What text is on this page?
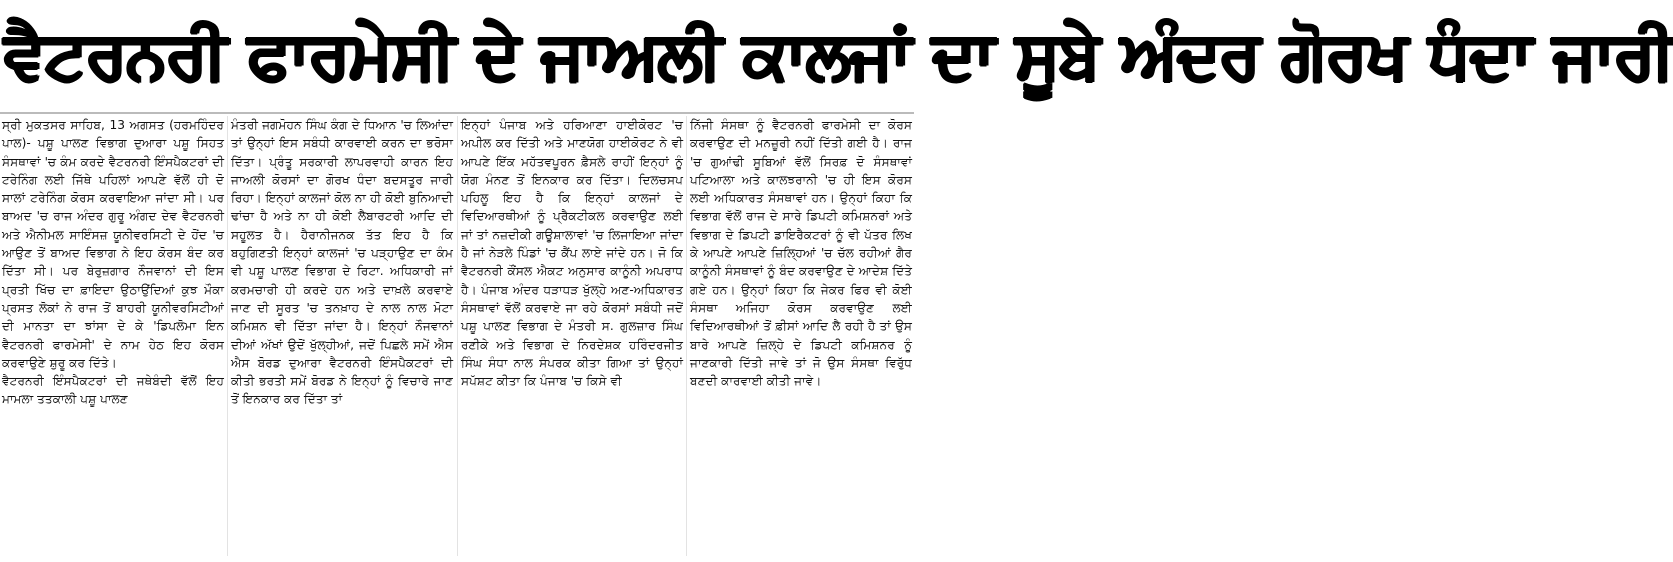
ਵੈਟਰਨਰੀ ਫਾਰਮੇਸੀ ਦੇ ਜਾਅਲੀ ਕਾਲਜਾਂ ਦਾ ਸੂਬੇ ਅੰਦਰ ਗੋਰਖ ਧੰਦਾ ਜਾਰੀ

ਸ੍ਰੀ ਮੁਕਤਸਰ ਸਾਹਿਬ, 13 ਅਗਸਤ (ਹਰਮਹਿੰਦਰ ਪਾਲ)- ਪਸ਼ੂ ਪਾਲਣ ਵਿਭਾਗ ਦੁਆਰਾ ਪਸ਼ੂ ਸਿਹਤ ਸੰਸਥਾਵਾਂ 'ਚ ਕੰਮ ਕਰਦੇ ਵੈਟਰਨਰੀ ਇੰਸਪੈਕਟਰਾਂ ਦੀ ਟਰੇਨਿੰਗ ਲਈ ਜਿੱਥੇ ਪਹਿਲਾਂ ਆਪਣੇ ਵੱਲੋਂ ਹੀ ਦੋ ਸਾਲਾਂ ਟਰੇਨਿੰਗ ਕੋਰਸ ਕਰਵਾਇਆ ਜਾਂਦਾ ਸੀ। ਪਰ ਬਾਅਦ 'ਚ ਰਾਜ ਅੰਦਰ ਗੁਰੂ ਅੰਗਦ ਦੇਵ ਵੈਟਰਨਰੀ ਅਤੇ ਐਨੀਮਲ ਸਾਇੰਸਜ਼ ਯੂਨੀਵਰਸਿਟੀ ਦੇ ਹੋਂਦ 'ਚ ਆਉਣ ਤੋਂ ਬਾਅਦ ਵਿਭਾਗ ਨੇ ਇਹ ਕੋਰਸ ਬੰਦ ਕਰ ਦਿੱਤਾ ਸੀ। ਪਰ ਬੇਰੁਜ਼ਗਾਰ ਨੌਜਵਾਨਾਂ ਦੀ ਇਸ ਪ੍ਰਤੀ ਖਿੱਚ ਦਾ ਫ਼ਾਇਦਾ ਉਠਾਉਂਦਿਆਂ ਕੁਝ ਮੌਕਾ ਪ੍ਰਸਤ ਲੋਕਾਂ ਨੇ ਰਾਜ ਤੋਂ ਬਾਹਰੀ ਯੂਨੀਵਰਸਿਟੀਆਂ ਦੀ ਮਾਨਤਾ ਦਾ ਝਾਂਸਾ ਦੇ ਕੇ 'ਡਿਪਲੋਮਾ ਇਨ ਵੈਟਰਨਰੀ ਫਾਰਮੇਸੀ' ਦੇ ਨਾਮ ਹੇਠ ਇਹ ਕੋਰਸ ਕਰਵਾਉਣੇ ਸ਼ੁਰੂ ਕਰ ਦਿੱਤੇ।

ਵੈਟਰਨਰੀ ਇੰਸਪੈਕਟਰਾਂ ਦੀ ਜਥੇਬੰਦੀ ਵੱਲੋਂ ਇਹ ਮਾਮਲਾ ਤਤਕਾਲੀ ਪਸ਼ੂ ਪਾਲਣ

ਮੰਤਰੀ ਜਗਮੋਹਨ ਸਿੰਘ ਕੰਗ ਦੇ ਧਿਆਨ 'ਚ ਲਿਆਂਦਾ ਤਾਂ ਉਨ੍ਹਾਂ ਇਸ ਸਬੰਧੀ ਕਾਰਵਾਈ ਕਰਨ ਦਾ ਭਰੋਸਾ ਦਿੱਤਾ। ਪ੍ਰੰਤੂ ਸਰਕਾਰੀ ਲਾਪਰਵਾਹੀ ਕਾਰਨ ਇਹ ਜਾਅਲੀ ਕੋਰਸਾਂ ਦਾ ਗੋਰਖ ਧੰਦਾ ਬਦਸਤੂਰ ਜਾਰੀ ਰਿਹਾ। ਇਨ੍ਹਾਂ ਕਾਲਜਾਂ ਕੋਲ ਨਾ ਹੀ ਕੋਈ ਬੁਨਿਆਦੀ ਢਾਂਚਾ ਹੈ ਅਤੇ ਨਾ ਹੀ ਕੋਈ ਲੈਬਾਰਟਰੀ ਆਦਿ ਦੀ ਸਹੂਲਤ ਹੈ। ਹੈਰਾਨੀਜਨਕ ਤੱਤ ਇਹ ਹੈ ਕਿ ਬਹੁਗਿਣਤੀ ਇਨ੍ਹਾਂ ਕਾਲਜਾਂ 'ਚ ਪੜ੍ਹਾਉਣ ਦਾ ਕੰਮ ਵੀ ਪਸ਼ੂ ਪਾਲਣ ਵਿਭਾਗ ਦੇ ਰਿਟਾ. ਅਧਿਕਾਰੀ ਜਾਂ ਕਰਮਚਾਰੀ ਹੀ ਕਰਦੇ ਹਨ ਅਤੇ ਦਾਖ਼ਲੇ ਕਰਵਾਏ ਜਾਣ ਦੀ ਸੂਰਤ 'ਚ ਤਨਖ਼ਾਹ ਦੇ ਨਾਲ ਨਾਲ ਮੋਟਾ ਕਮਿਸ਼ਨ ਵੀ ਦਿੱਤਾ ਜਾਂਦਾ ਹੈ। ਇਨ੍ਹਾਂ ਨੌਜਵਾਨਾਂ ਦੀਆਂ ਅੱਖਾਂ ਉਦੋਂ ਖੁੱਲ੍ਹੀਆਂ, ਜਦੋਂ ਪਿਛਲੇ ਸਮੇਂ ਐਸ ਐਸ ਬੋਰਡ ਦੁਆਰਾ ਵੈਟਰਨਰੀ ਇੰਸਪੈਕਟਰਾਂ ਦੀ ਕੀਤੀ ਭਰਤੀ ਸਮੇਂ ਬੋਰਡ ਨੇ ਇਨ੍ਹਾਂ ਨੂੰ ਵਿਚਾਰੇ ਜਾਣ ਤੋਂ ਇਨਕਾਰ ਕਰ ਦਿੱਤਾ ਤਾਂ

ਇਨ੍ਹਾਂ ਪੰਜਾਬ ਅਤੇ ਹਰਿਆਣਾ ਹਾਈਕੋਰਟ 'ਚ ਅਪੀਲ ਕਰ ਦਿੱਤੀ ਅਤੇ ਮਾਣਯੋਗ ਹਾਈਕੋਰਟ ਨੇ ਵੀ ਆਪਣੇ ਇੱਕ ਮਹੱਤਵਪੂਰਨ ਫ਼ੈਸਲੇ ਰਾਹੀਂ ਇਨ੍ਹਾਂ ਨੂੰ ਯੋਗ ਮੰਨਣ ਤੋਂ ਇਨਕਾਰ ਕਰ ਦਿੱਤਾ। ਦਿਲਚਸਪ ਪਹਿਲੂ ਇਹ ਹੈ ਕਿ ਇਨ੍ਹਾਂ ਕਾਲਜਾਂ ਦੇ ਵਿਦਿਆਰਥੀਆਂ ਨੂੰ ਪ੍ਰੈਕਟੀਕਲ ਕਰਵਾਉਣ ਲਈ ਜਾਂ ਤਾਂ ਨਜ਼ਦੀਕੀ ਗਊਸ਼ਾਲਾਵਾਂ 'ਚ ਲਿਜਾਇਆ ਜਾਂਦਾ ਹੈ ਜਾਂ ਨੇੜਲੇ ਪਿੰਡਾਂ 'ਚ ਕੈਂਪ ਲਾਏ ਜਾਂਦੇ ਹਨ। ਜੋ ਕਿ ਵੈਟਰਨਰੀ ਕੌਂਸਲ ਐਕਟ ਅਨੁਸਾਰ ਕਾਨੂੰਨੀ ਅਪਰਾਧ ਹੈ। ਪੰਜਾਬ ਅੰਦਰ ਧੜਾਧੜ ਖੁੱਲ੍ਹੇ ਅਣ-ਅਧਿਕਾਰਤ ਸੰਸਥਾਵਾਂ ਵੱਲੋਂ ਕਰਵਾਏ ਜਾ ਰਹੇ ਕੋਰਸਾਂ ਸਬੰਧੀ ਜਦੋਂ ਪਸ਼ੂ ਪਾਲਣ ਵਿਭਾਗ ਦੇ ਮੰਤਰੀ ਸ. ਗੁਲਜ਼ਾਰ ਸਿੰਘ ਰਣੀਕੇ ਅਤੇ ਵਿਭਾਗ ਦੇ ਨਿਰਦੇਸ਼ਕ ਹਰਿੰਦਰਜੀਤ ਸਿੰਘ ਸੰਧਾ ਨਾਲ ਸੰਪਰਕ ਕੀਤਾ ਗਿਆ ਤਾਂ ਉਨ੍ਹਾਂ ਸਪੱਸ਼ਟ ਕੀਤਾ ਕਿ ਪੰਜਾਬ 'ਚ ਕਿਸੇ ਵੀ

ਨਿੱਜੀ ਸੰਸਥਾ ਨੂੰ ਵੈਟਰਨਰੀ ਫਾਰਮੇਸੀ ਦਾ ਕੋਰਸ ਕਰਵਾਉਣ ਦੀ ਮਨਜ਼ੂਰੀ ਨਹੀਂ ਦਿੱਤੀ ਗਈ ਹੈ। ਰਾਜ 'ਚ ਗੁਆਂਢੀ ਸੂਬਿਆਂ ਵੱਲੋਂ ਸਿਰਫ਼ ਦੋ ਸੰਸਥਾਵਾਂ ਪਟਿਆਲਾ ਅਤੇ ਕਾਲਝਰਾਨੀ 'ਚ ਹੀ ਇਸ ਕੋਰਸ ਲਈ ਅਧਿਕਾਰਤ ਸੰਸਥਾਵਾਂ ਹਨ। ਉਨ੍ਹਾਂ ਕਿਹਾ ਕਿ ਵਿਭਾਗ ਵੱਲੋਂ ਰਾਜ ਦੇ ਸਾਰੇ ਡਿਪਟੀ ਕਮਿਸ਼ਨਰਾਂ ਅਤੇ ਵਿਭਾਗ ਦੇ ਡਿਪਟੀ ਡਾਇਰੈਕਟਰਾਂ ਨੂੰ ਵੀ ਪੱਤਰ ਲਿਖ ਕੇ ਆਪਣੇ ਆਪਣੇ ਜ਼ਿਲ੍ਹਿਆਂ 'ਚ ਚੱਲ ਰਹੀਆਂ ਗੈਰ ਕਾਨੂੰਨੀ ਸੰਸਥਾਵਾਂ ਨੂੰ ਬੰਦ ਕਰਵਾਉਣ ਦੇ ਆਦੇਸ਼ ਦਿੱਤੇ ਗਏ ਹਨ। ਉਨ੍ਹਾਂ ਕਿਹਾ ਕਿ ਜੇਕਰ ਫਿਰ ਵੀ ਕੋਈ ਸੰਸਥਾ ਅਜਿਹਾ ਕੋਰਸ ਕਰਵਾਉਣ ਲਈ ਵਿਦਿਆਰਥੀਆਂ ਤੋਂ ਫ਼ੀਸਾਂ ਆਦਿ ਲੈ ਰਹੀ ਹੈ ਤਾਂ ਉਸ ਬਾਰੇ ਆਪਣੇ ਜ਼ਿਲ੍ਹੇ ਦੇ ਡਿਪਟੀ ਕਮਿਸ਼ਨਰ ਨੂੰ ਜਾਣਕਾਰੀ ਦਿੱਤੀ ਜਾਵੇ ਤਾਂ ਜੋ ਉਸ ਸੰਸਥਾ ਵਿਰੁੱਧ ਬਣਦੀ ਕਾਰਵਾਈ ਕੀਤੀ ਜਾਵੇ।
